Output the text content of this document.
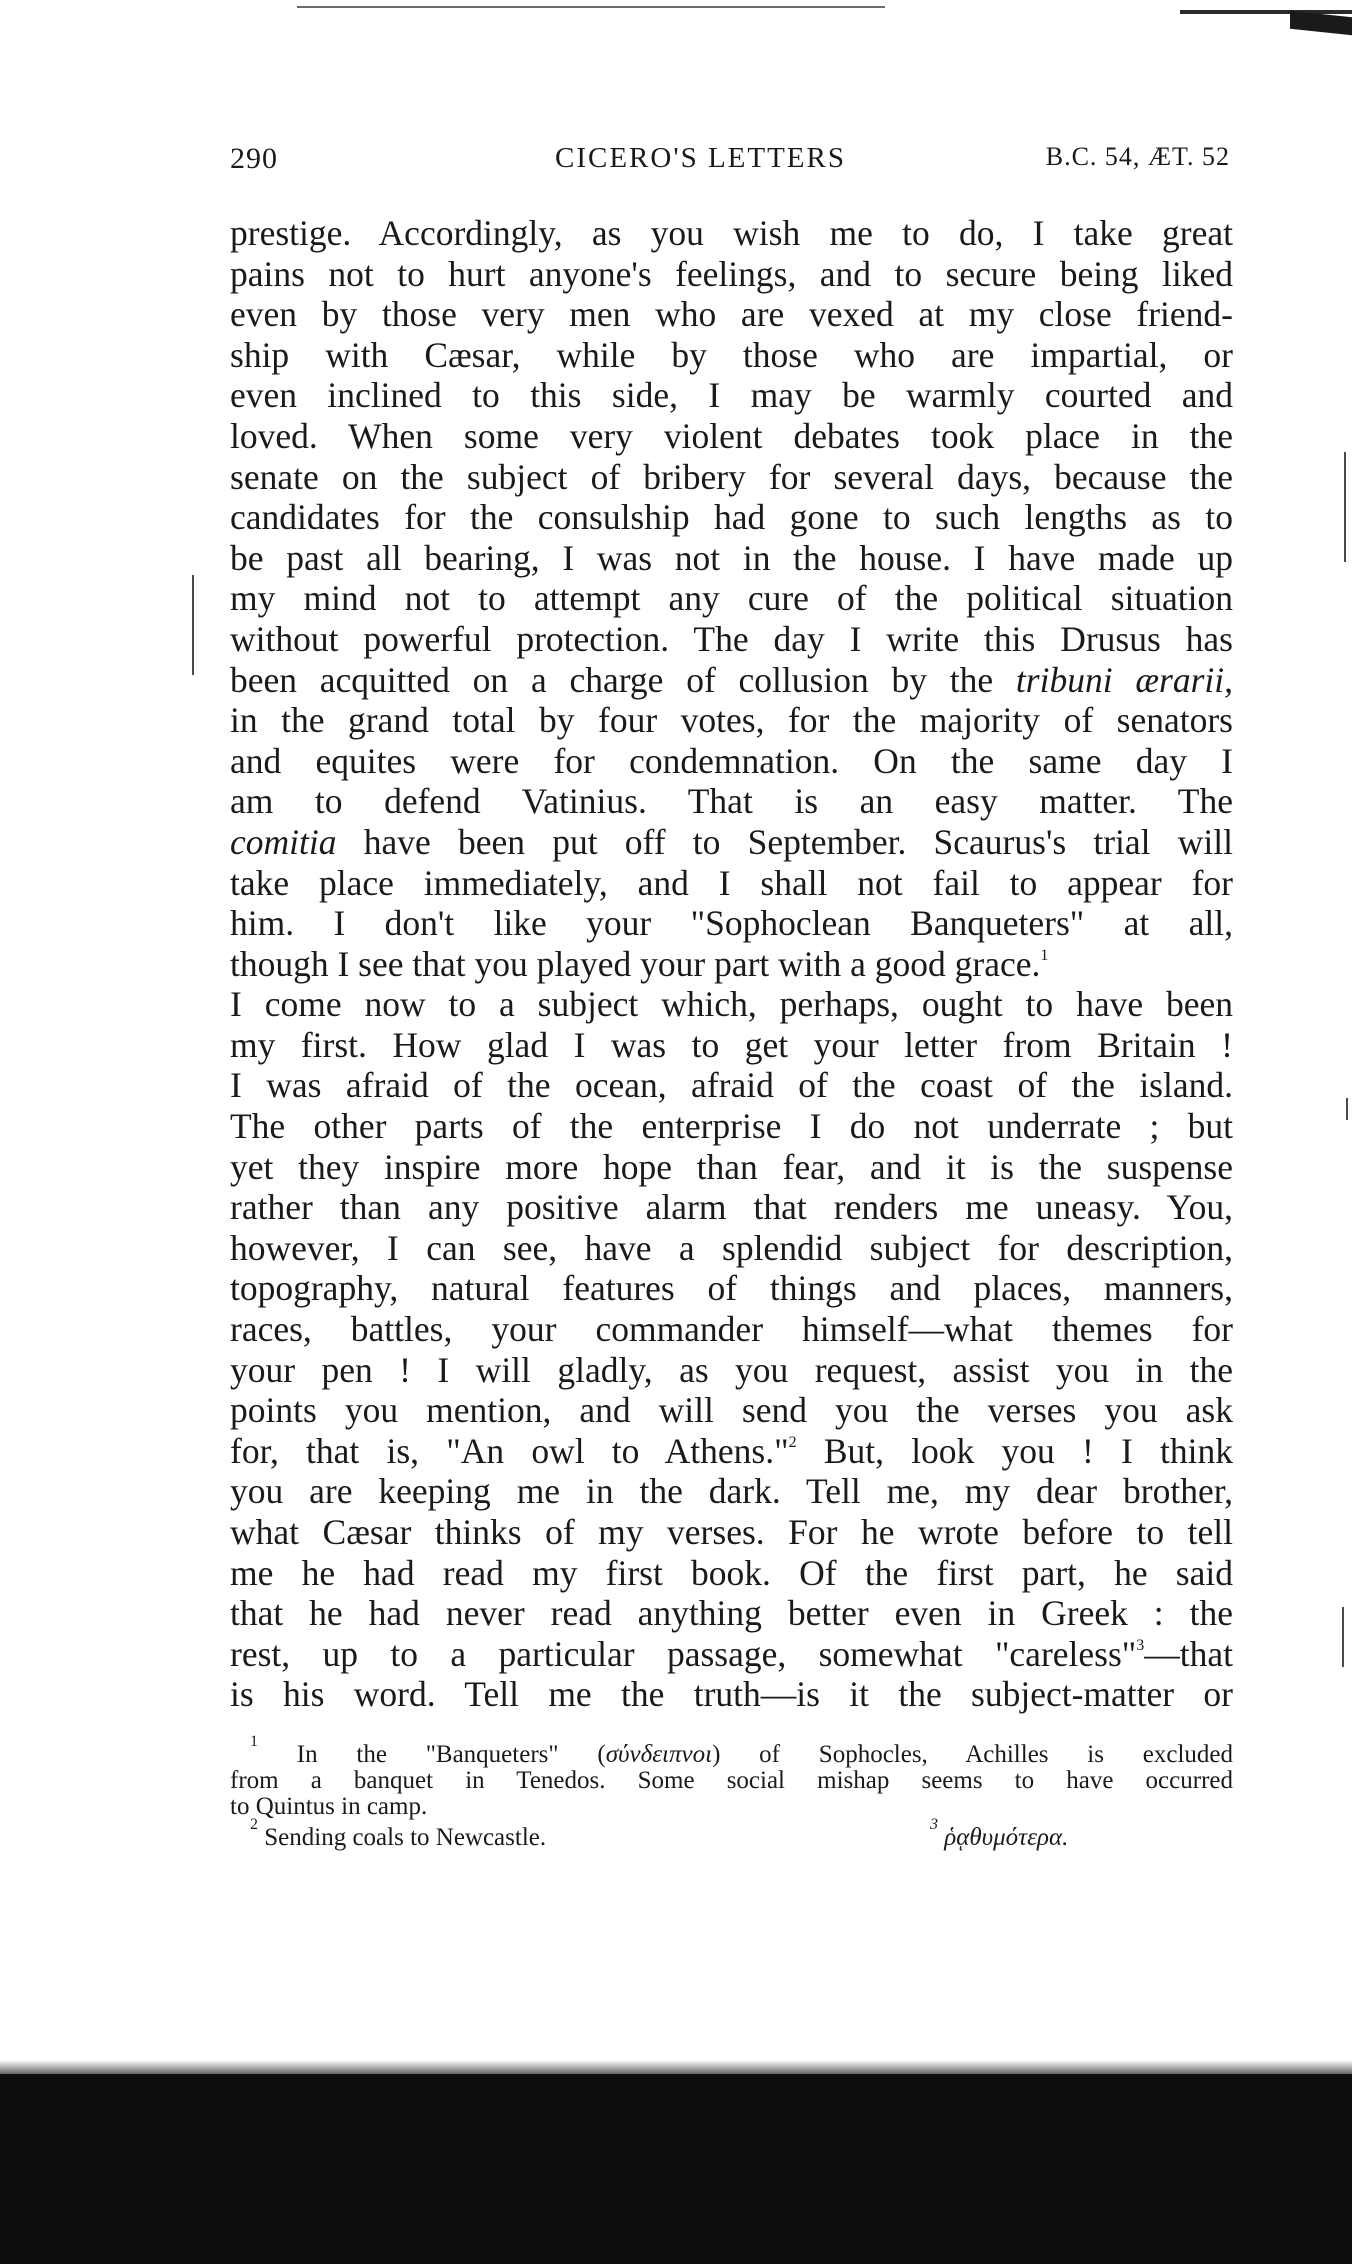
290	CICERO'S LETTERS	B.C. 54, ÆT. 52
prestige. Accordingly, as you wish me to do, I take great
pains not to hurt anyone's feelings, and to secure being liked
even by those very men who are vexed at my close friend-
ship with Cæsar, while by those who are impartial, or
even inclined to this side, I may be warmly courted and
loved. When some very violent debates took place in the
senate on the subject of bribery for several days, because the
candidates for the consulship had gone to such lengths as to
be past all bearing, I was not in the house. I have made up
my mind not to attempt any cure of the political situation
without powerful protection. The day I write this Drusus has
been acquitted on a charge of collusion by the tribuni ærarii,
in the grand total by four votes, for the majority of senators
and equites were for condemnation. On the same day I
am to defend Vatinius. That is an easy matter. The
comitia have been put off to September. Scaurus's trial will
take place immediately, and I shall not fail to appear for
him. I don't like your "Sophoclean Banqueters" at all,
though I see that you played your part with a good grace.$^1$
I come now to a subject which, perhaps, ought to have been
my first. How glad I was to get your letter from Britain !
I was afraid of the ocean, afraid of the coast of the island.
The other parts of the enterprise I do not underrate ; but
yet they inspire more hope than fear, and it is the suspense
rather than any positive alarm that renders me uneasy. You,
however, I can see, have a splendid subject for description,
topography, natural features of things and places, manners,
races, battles, your commander himself—what themes for
your pen ! I will gladly, as you request, assist you in the
points you mention, and will send you the verses you ask
for, that is, "An owl to Athens."$^2$ But, look you ! I think
you are keeping me in the dark. Tell me, my dear brother,
what Cæsar thinks of my verses. For he wrote before to tell
me he had read my first book. Of the first part, he said
that he had never read anything better even in Greek : the
rest, up to a particular passage, somewhat "careless"$^3$—that
is his word. Tell me the truth—is it the subject-matter or
$^1$ In the "Banqueters" (σύνδειπνοι) of Sophocles, Achilles is excluded
from a banquet in Tenedos. Some social mishap seems to have occurred
to Quintus in camp.
$^2$ Sending coals to Newcastle.	$^3$ ῥᾳθυμότερα.
